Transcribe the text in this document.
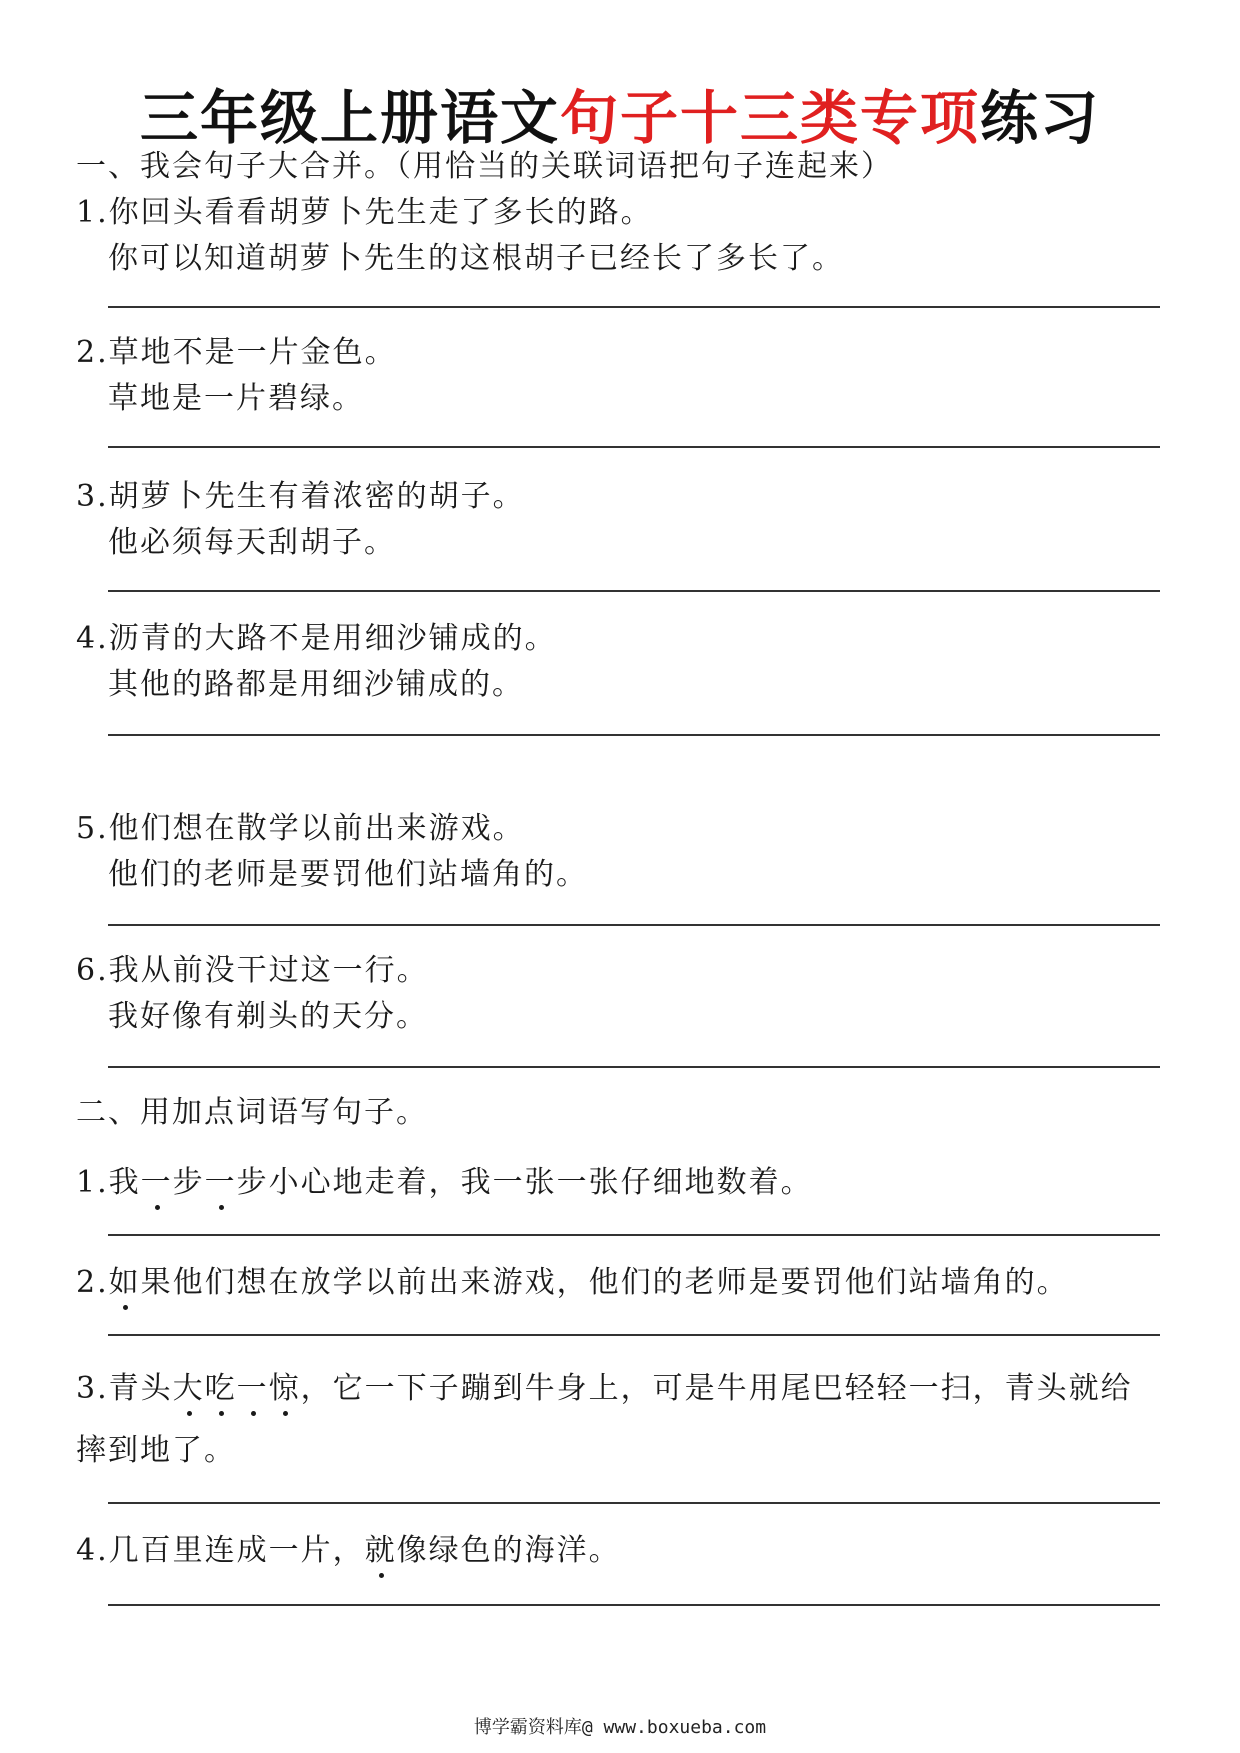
三年级上册语文句子十三类专项练习
一、我会句子大合并。（用恰当的关联词语把句子连起来）
1.你回头看看胡萝卜先生走了多长的路。
你可以知道胡萝卜先生的这根胡子已经长了多长了。
2.草地不是一片金色。
草地是一片碧绿。
3.胡萝卜先生有着浓密的胡子。
他必须每天刮胡子。
4.沥青的大路不是用细沙铺成的。
其他的路都是用细沙铺成的。
5.他们想在散学以前出来游戏。
他们的老师是要罚他们站墙角的。
6.我从前没干过这一行。
我好像有剃头的天分。
二、用加点词语写句子。
1.我一步一步小心地走着，我一张一张仔细地数着。
2.如果他们想在放学以前出来游戏，他们的老师是要罚他们站墙角的。
3.青头大吃一惊，它一下子蹦到牛身上，可是牛用尾巴轻轻一扫，青头就给
摔到地了。
4.几百里连成一片，就像绿色的海洋。
博学霸资料库@ www.boxueba.com
